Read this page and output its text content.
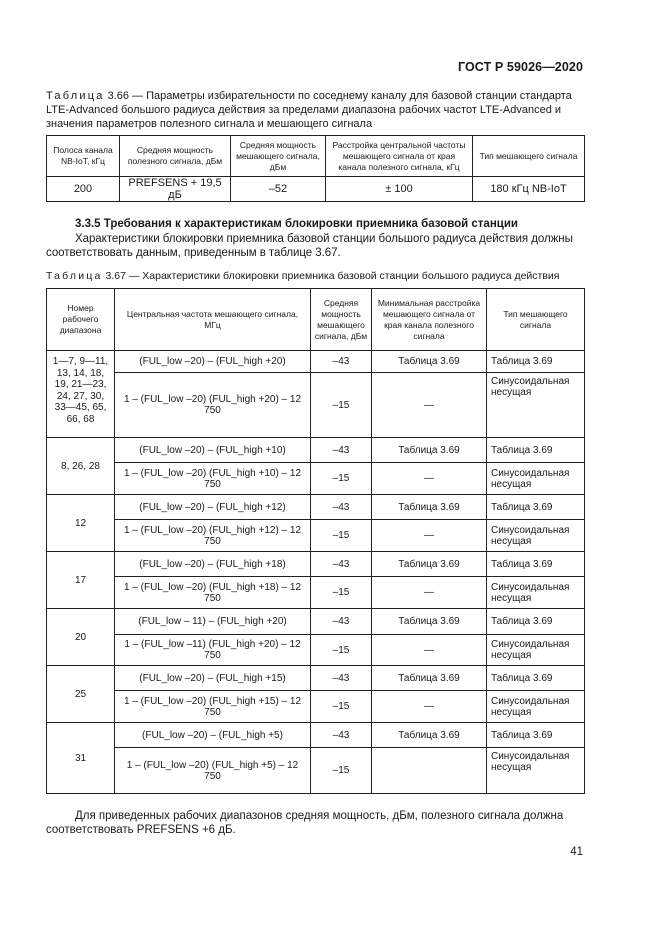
ГОСТ Р 59026—2020
Таблица 3.66 — Параметры избирательности по соседнему каналу для базовой станции стандарта LTE-Advanced большого радиуса действия за пределами диапазона рабочих частот LTE-Advanced и значения параметров полезного сигнала и мешающего сигнала
Полоса канала NB-IoT, кГц	Средняя мощность полезного сигнала, дБм	Средняя мощность мешающего сигнала, дБм	Расстройка центральной частоты мешающего сигнала от края канала полезного сигнала, кГц	Тип мешающего сигнала
200	PREFSENS + 19,5 дБ	–52	± 100	180 кГц NB-IoT
3.3.5 Требования к характеристикам блокировки приемника базовой станции
Характеристики блокировки приемника базовой станции большого радиуса действия должны соответствовать данным, приведенным в таблице 3.67.
Таблица 3.67 — Характеристики блокировки приемника базовой станции большого радиуса действия
Номер рабочего диапазона	Центральная частота мешающего сигнала, МГц	Средняя мощность мешающего сигнала, дБм	Минимальная расстройка мешающего сигнала от края канала полезного сигнала	Тип мешающего сигнала
1—7, 9—11, 13, 14, 18, 19, 21—23, 24, 27, 30, 33—45, 65, 66, 68	(FUL_low –20) – (FUL_high +20)	–43	Таблица 3.69	Таблица 3.69
	1 – (FUL_low –20) (FUL_high +20) – 12 750	–15	—	Синусоидальная несущая
8, 26, 28	(FUL_low –20) – (FUL_high +10)	–43	Таблица 3.69	Таблица 3.69
	1 – (FUL_low –20) (FUL_high +10) – 12 750	–15	—	Синусоидальная несущая
12	(FUL_low –20) – (FUL_high +12)	–43	Таблица 3.69	Таблица 3.69
	1 – (FUL_low –20) (FUL_high +12) – 12 750	–15	—	Синусоидальная несущая
17	(FUL_low –20) – (FUL_high +18)	–43	Таблица 3.69	Таблица 3.69
	1 – (FUL_low –20) (FUL_high +18) – 12 750	–15	—	Синусоидальная несущая
20	(FUL_low – 11) – (FUL_high +20)	–43	Таблица 3.69	Таблица 3.69
	1 – (FUL_low –11) (FUL_high +20) – 12 750	–15	—	Синусоидальная несущая
25	(FUL_low –20) – (FUL_high +15)	–43	Таблица 3.69	Таблица 3.69
	1 – (FUL_low –20) (FUL_high +15) – 12 750	–15	—	Синусоидальная несущая
31	(FUL_low –20) – (FUL_high +5)	–43	Таблица 3.69	Таблица 3.69
	1 – (FUL_low –20) (FUL_high +5) – 12 750	–15		Синусоидальная несущая
Для приведенных рабочих диапазонов средняя мощность, дБм, полезного сигнала должна соответствовать PREFSENS +6 дБ.
41
